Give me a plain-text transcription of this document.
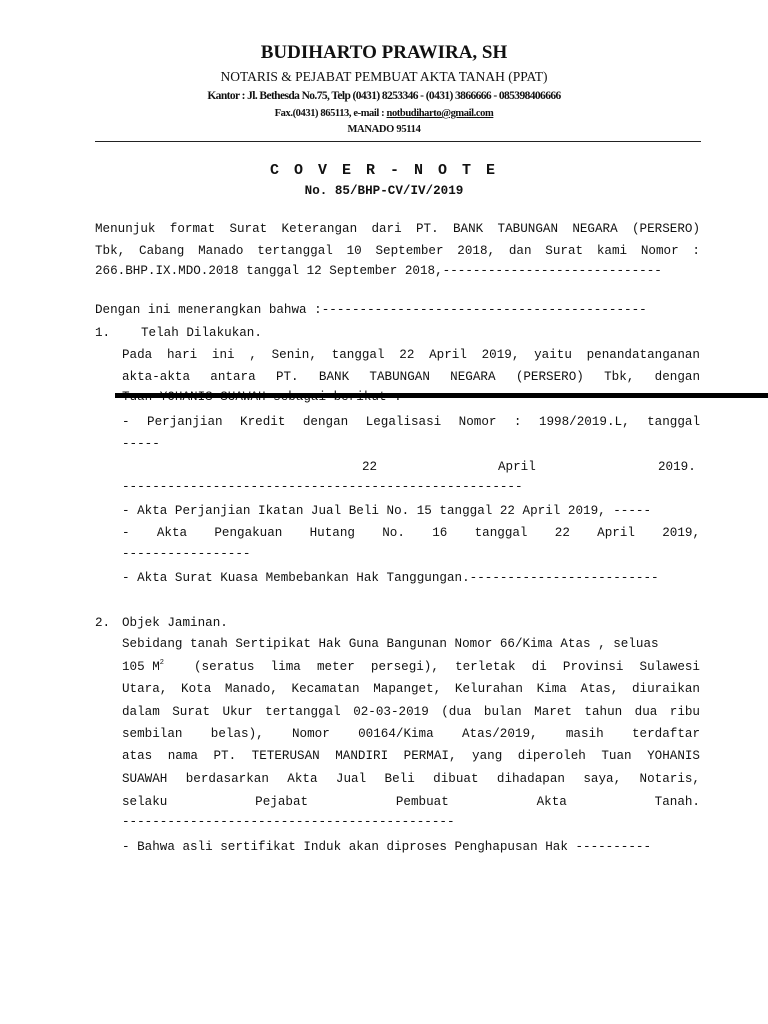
BUDIHARTO PRAWIRA, SH
NOTARIS & PEJABAT PEMBUAT AKTA TANAH (PPAT)
Kantor : Jl. Bethesda No.75, Telp (0431) 8253346 - (0431) 3866666 - 085398406666
Fax.(0431) 865113, e-mail : notbudiharto@gmail.com
MANADO 95114
C O V E R - N O T E
No. 85/BHP-CV/IV/2019
Menunjuk format Surat Keterangan dari PT. BANK TABUNGAN NEGARA (PERSERO)
Tbk, Cabang Manado tertanggal 10 September 2018, dan Surat kami Nomor :
266.BHP.IX.MDO.2018 tanggal 12 September 2018,-----------------------------
Dengan ini menerangkan bahwa :-------------------------------------------
1. Telah Dilakukan.
Pada hari ini , Senin, tanggal 22 April 2019, yaitu penandatanganan
akta-akta antara PT. BANK TABUNGAN NEGARA (PERSERO) Tbk, dengan
- Perjanjian Kredit dengan Legalisasi Nomor : 1998/2019.L, tanggal
-----
22	April	2019.
-----------------------------------------------------
- Akta Perjanjian Ikatan Jual Beli No. 15 tanggal 22 April 2019, -----
- Akta Pengakuan Hutang No. 16 tanggal 22 April 2019,
-----------------
- Akta Surat Kuasa Membebankan Hak Tanggungan.-------------------------
2. Objek Jaminan.
Sebidang tanah Sertipikat Hak Guna Bangunan Nomor 66/Kima Atas , seluas
105 $M^2$ (seratus lima meter persegi), terletak di Provinsi Sulawesi
Utara, Kota Manado, Kecamatan Mapanget, Kelurahan Kima Atas, diuraikan
dalam Surat Ukur tertanggal 02-03-2019 (dua bulan Maret tahun dua ribu
sembilan belas), Nomor 00164/Kima Atas/2019, masih terdaftar
atas nama PT. TETERUSAN MANDIRI PERMAI, yang diperoleh Tuan YOHANIS
SUAWAH berdasarkan Akta Jual Beli dibuat dihadapan saya, Notaris,
selaku Pejabat Pembuat Akta Tanah.
--------------------------------------------
- Bahwa asli sertifikat Induk akan diproses Penghapusan Hak ----------
